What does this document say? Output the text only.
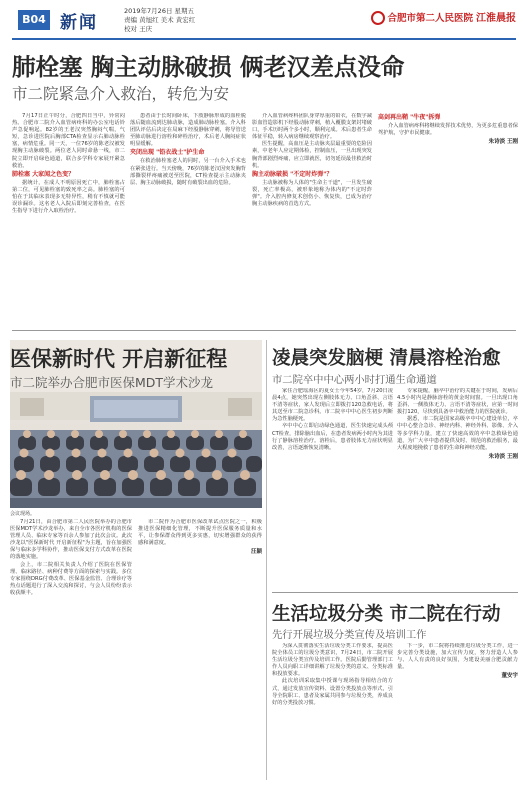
B04 新闻
2019年7月26日 星期五
责编 黄旭红 美术 黄宏红
校对 王庆
合肥市第二人民医院 江淮晨报
肺栓塞 胸主动脉破损 俩老汉差点没命
市二院紧急介入救治，转危为安

7月17日正午时分，合肥四日当中，异常闷热。合肥市二院介入血管病疼科的办公室电话铃声急促响起。82岁的王老汉突然胸闷气喘，气短，急诊进医院后胸部CTA检查显示右肺动脉栓塞，病情危重。同一天，一位76岁的陈老汉被发现胸主动脉破裂。两位老人同时命悬一线，市二院立即开启绿色通道，联合多学科专家展开紧急救治。

肺栓塞 大家闻之色变？

据统计，在成人不明原因死亡中，肺栓塞占第二位，可见肺栓塞的致死率之高。肺栓塞的可怕在于其临床表现多无特异性，稍有不慎就可能误诊漏诊。这名老人入院后即刻完善检查，在医生指导下进行介入取栓治疗。

患者由于长时间卧床，下肢静脉形成的血栓脱落后随血流到达肺动脉，造成肺动脉栓塞。介入科团队评估后决定在局麻下经股静脉穿刺，将导管送至肺动脉进行溶栓和碎栓治疗，术后老人胸闷症状明显缓解。

夹闭出现 "铅衣战士"护生命

在救治肺栓塞老人的同时，另一台介入手术也在紧张进行。当天傍晚，76岁的陈老汉因突发胸背部撕裂样疼痛被送至医院，CT检查提示主动脉夹层、胸主动脉破损，随时有破裂出血的危险。

介入血管病疼科团队身穿厚重的铅衣，在数字减影血管造影机下经股动脉穿刺，植入覆膜支架封堵破口，手术历时两个多小时，顺利完成。术后患者生命体征平稳，转入病房继续观察治疗。

医生提醒，高血压是主动脉夹层最重要的危险因素，中老年人应定期体检，控制血压，一旦出现突发胸背部剧烈疼痛，应立即就医，切勿延误最佳救治时机。

胸主动脉破损 "不定时炸弹"？

主动脉被称为人体的"生命主干道"，一旦发生破裂，死亡率极高，被形象地称为体内的"不定时炸弹"。介入腔内修复术创伤小、恢复快，已成为治疗胸主动脉疾病的首选方式。

高剑再出鞘 "牛夜"拆弹

介入血管病疼科将继续发挥技术优势，为更多危重患者保驾护航，守护市民健康。

朱诗淡 王刚
医保新时代 开启新征程
市二院举办合肥市医保MDT学术沙龙
会议现场。

7月21日，由合肥市第二人民医院举办的合肥市医保MDT学术沙龙举办，来自全市各医疗机构的医保管理人员、临床专家等百余人参加了此次会议。此次沙龙以"医保新时代 开启新征程"为主题，旨在加强医保与临床多学科协作，推动医保支付方式改革在医院的落地实施。

会上，市二院相关负责人介绍了医院在医保管理、临床路径、病种付费等方面的探索与实践。多位专家围绕DRG付费改革、医保基金监管、合理诊疗等热点话题进行了深入交流和探讨，与会人员纷纷表示收获颇丰。

市二院作为合肥市医保改革试点医院之一，积极推进医保精细化管理，不断提升医保服务质量和水平，让参保群众得到更多实惠，切实增强群众的获得感和满意度。

汪颖
凌晨突发脑梗 清晨溶栓治愈
市二院卒中中心两小时打通生命通道

家住合肥瑶海区的夏女士今年54岁，7月20日凌晨4点，她突然出现左侧肢体无力、口角歪斜、言语不清等症状，家人发现后立即拨打120急救电话，将其送至市二院急诊科。市二院卒中中心医生初步判断为急性脑梗死。

卒中中心立即启动绿色通道，医生快速完成头颅CT检查，排除脑出血后，在患者发病两小时内为其进行了静脉溶栓治疗。溶栓后，患者肢体无力症状明显改善，言语逐渐恢复清晰。

专家提醒，脑卒中治疗的关键在于时间，发病后4.5小时内是静脉溶栓的黄金时间窗。一旦出现口角歪斜、一侧肢体无力、言语不清等症状，应第一时间拨打120，尽快到具备卒中救治能力的医院就诊。

据悉，市二院是国家高级卒中中心建设单位，卒中中心整合急诊、神经内科、神经外科、影像、介入等多学科力量，建立了快速高效的卒中急救绿色通道，为广大卒中患者提供及时、规范的救治服务，最大程度地挽救了患者的生命和神经功能。

朱诗淡 王刚
生活垃圾分类 市二院在行动
先行开展垃圾分类宣传及培训工作

为深入贯彻落实生活垃圾分类工作要求，提高医院全体员工的垃圾分类意识，7月24日，市二院开展生活垃圾分类宣传及培训工作。医院后勤管理部门工作人员向职工详细讲解了垃圾分类的意义、分类标准和投放要求。

此次培训采取集中授课与现场指导相结合的方式，通过发放宣传资料、设置分类投放点等形式，引导全院职工、患者及家属共同参与垃圾分类，养成良好的分类投放习惯。

下一步，市二院将持续推进垃圾分类工作，进一步完善分类设施，加大宣传力度，努力营造人人参与、人人有责的良好氛围，为建设美丽合肥贡献力量。

董安宇
